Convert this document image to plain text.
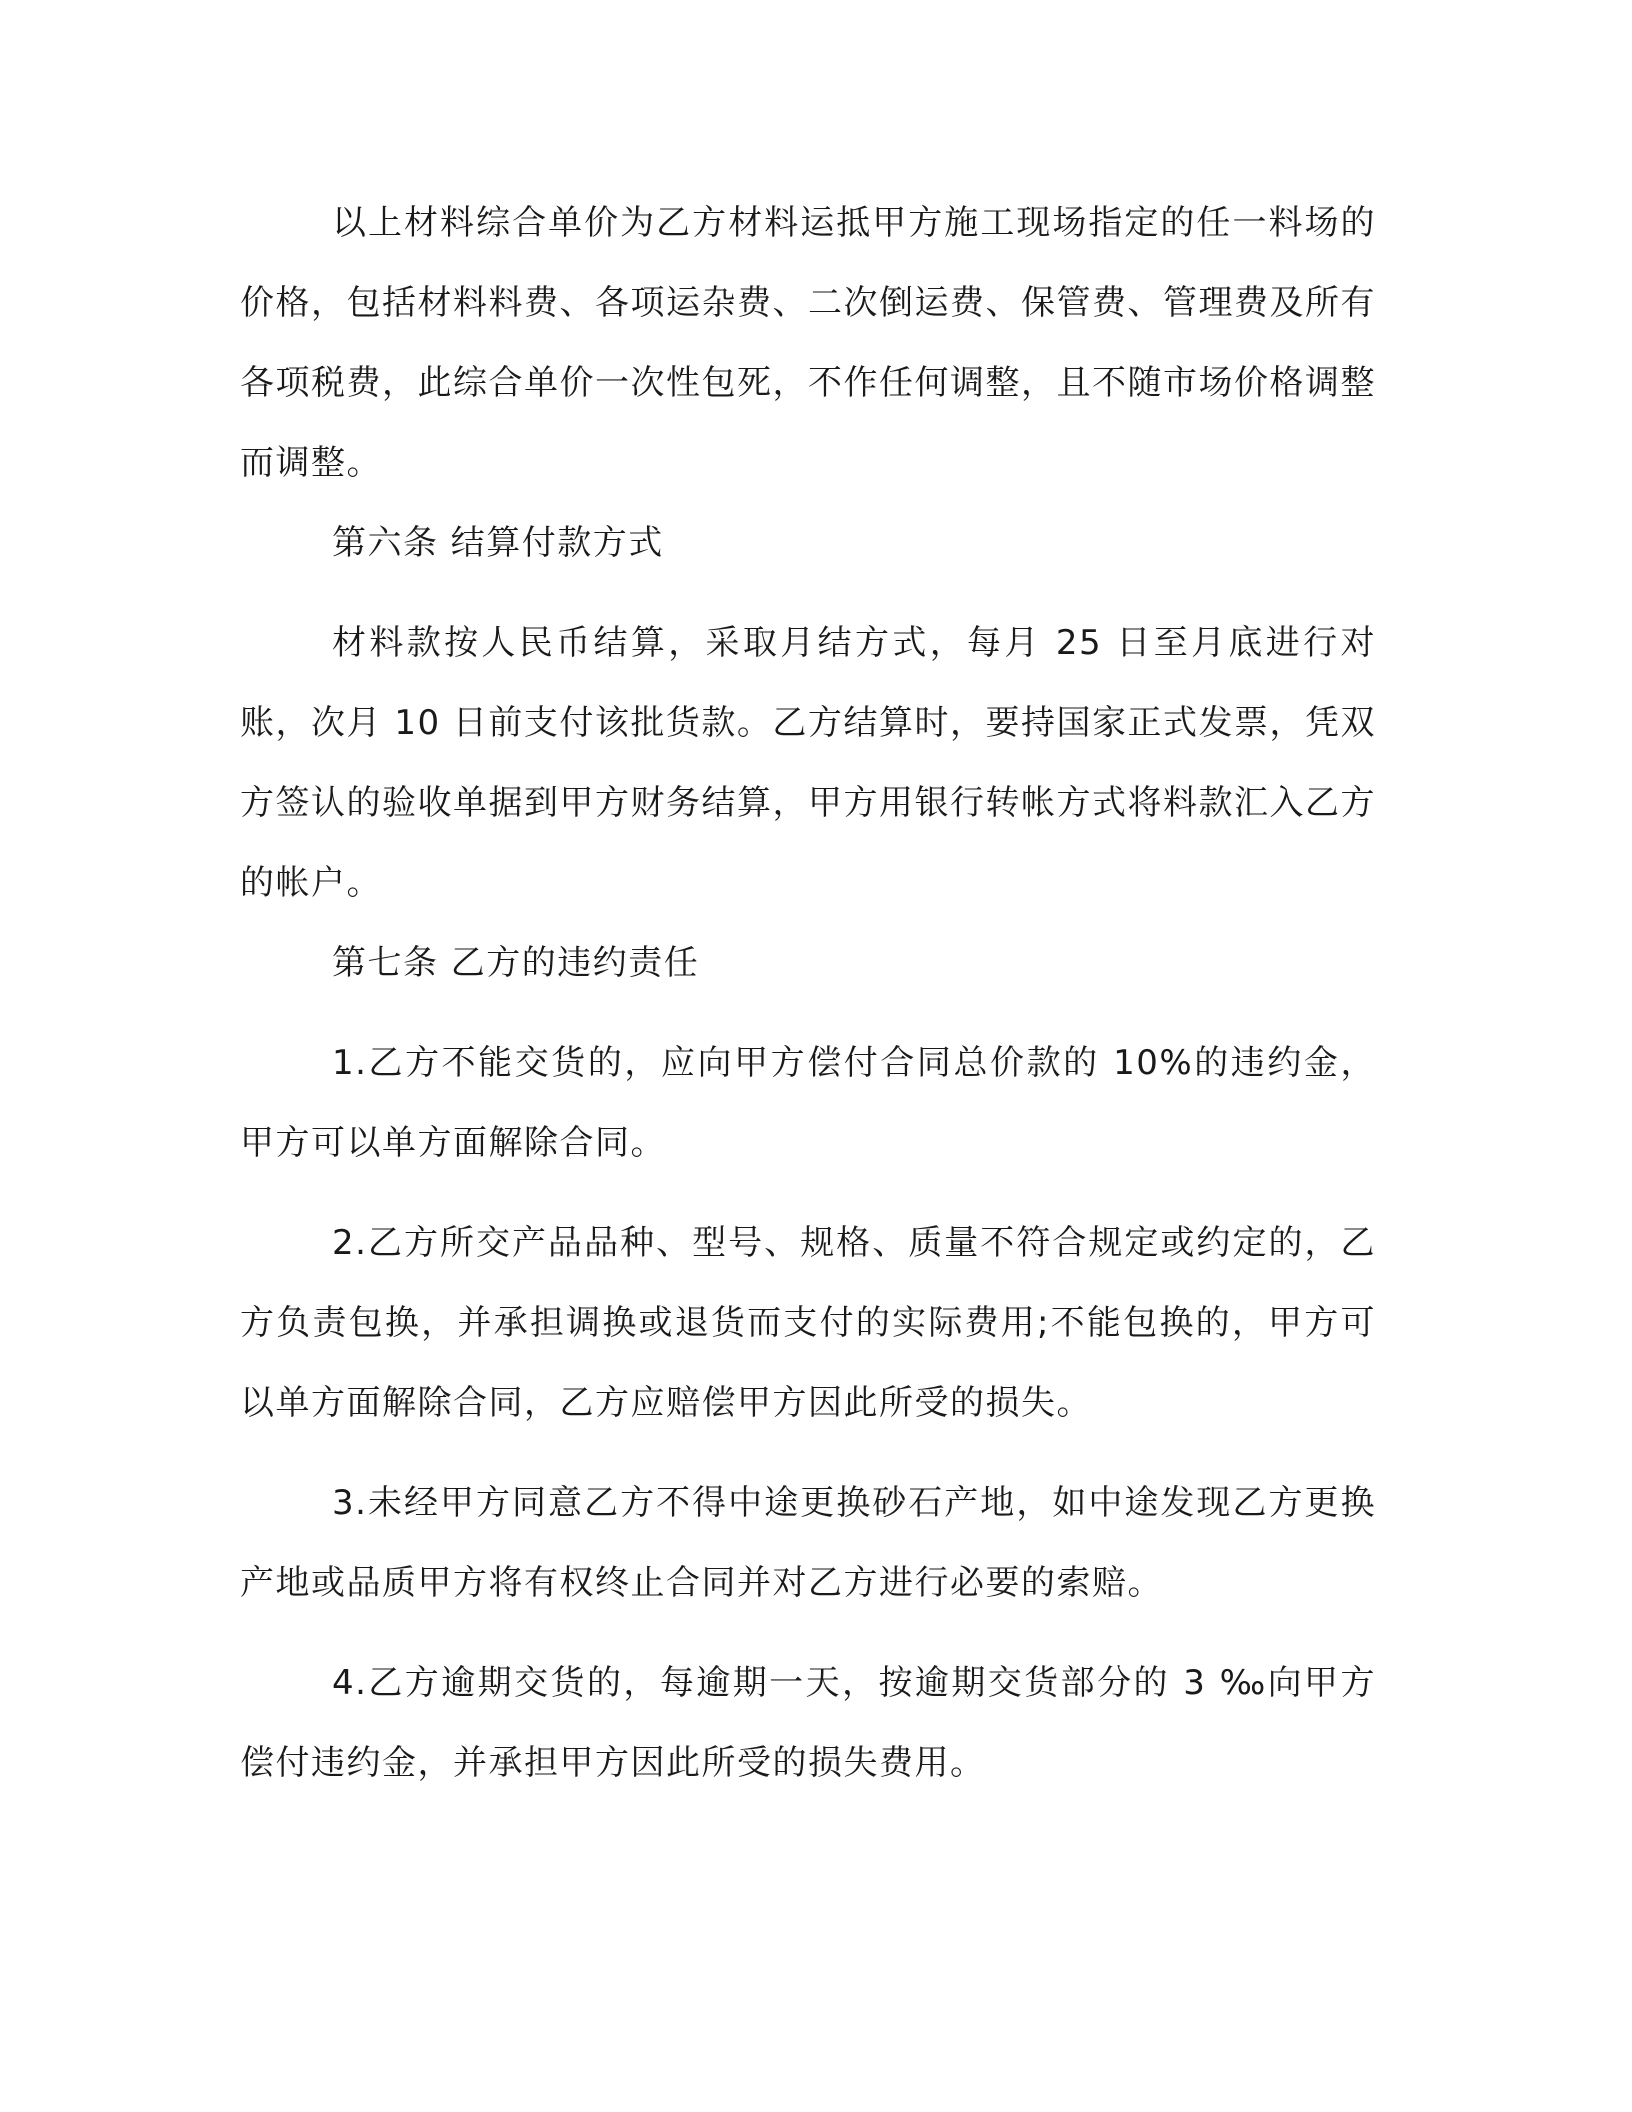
以上材料综合单价为乙方材料运抵甲方施工现场指定的任一料场的价格，包括材料料费、各项运杂费、二次倒运费、保管费、管理费及所有各项税费，此综合单价一次性包死，不作任何调整，且不随市场价格调整而调整。

第六条 结算付款方式

材料款按人民币结算，采取月结方式，每月 25 日至月底进行对账，次月 10 日前支付该批货款。乙方结算时，要持国家正式发票，凭双方签认的验收单据到甲方财务结算，甲方用银行转帐方式将料款汇入乙方的帐户。

第七条 乙方的违约责任

1.乙方不能交货的，应向甲方偿付合同总价款的 10%的违约金，甲方可以单方面解除合同。

2.乙方所交产品品种、型号、规格、质量不符合规定或约定的，乙方负责包换，并承担调换或退货而支付的实际费用;不能包换的，甲方可以单方面解除合同，乙方应赔偿甲方因此所受的损失。

3.未经甲方同意乙方不得中途更换砂石产地，如中途发现乙方更换产地或品质甲方将有权终止合同并对乙方进行必要的索赔。

4.乙方逾期交货的，每逾期一天，按逾期交货部分的 3 ‰向甲方偿付违约金，并承担甲方因此所受的损失费用。
